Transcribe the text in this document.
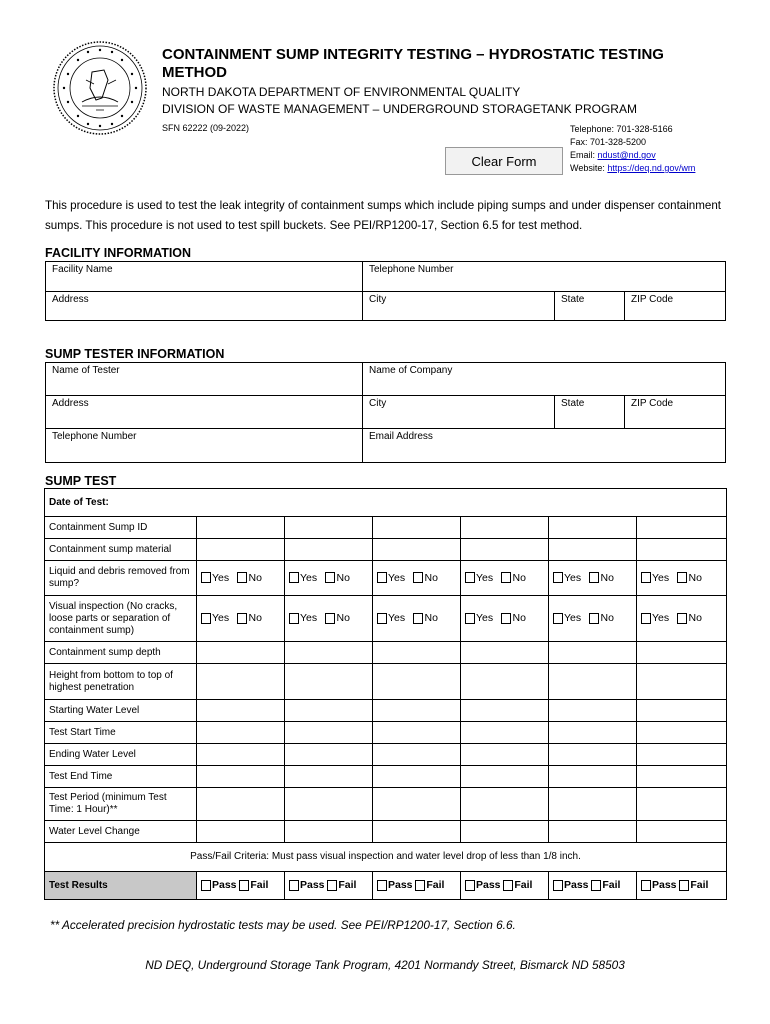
CONTAINMENT SUMP INTEGRITY TESTING – HYDROSTATIC TESTING METHOD
NORTH DAKOTA DEPARTMENT OF ENVIRONMENTAL QUALITY
DIVISION OF WASTE MANAGEMENT – UNDERGROUND STORAGETANK PROGRAM
SFN 62222 (09-2022)	Telephone: 701-328-5166
Fax: 701-328-5200
Email: ndust@nd.gov
Website: https://deq.nd.gov/wm
Clear Form
This procedure is used to test the leak integrity of containment sumps which include piping sumps and under dispenser containment sumps. This procedure is not used to test spill buckets. See PEI/RP1200-17, Section 6.5 for test method.
FACILITY INFORMATION
Facility Name	Telephone Number		
Address	City	State	ZIP Code
SUMP TESTER INFORMATION
Name of Tester	Name of Company		
Address	City	State	ZIP Code
Telephone Number	Email Address		
SUMP TEST
Date of Test:						
Containment Sump ID						
Containment sump material						
Liquid and debris removed from sump?	Yes No	Yes No	Yes No	Yes No	Yes No	Yes No
Visual inspection (No cracks, loose parts or separation of containment sump)	Yes No	Yes No	Yes No	Yes No	Yes No	Yes No
Containment sump depth						
Height from bottom to top of highest penetration						
Starting Water Level						
Test Start Time						
Ending Water Level						
Test End Time						
Test Period (minimum Test Time: 1 Hour)**						
Water Level Change						
Pass/Fail Criteria: Must pass visual inspection and water level drop of less than 1/8 inch.						
Test Results	Pass Fail	Pass Fail	Pass Fail	Pass Fail	Pass Fail	Pass Fail
** Accelerated precision hydrostatic tests may be used. See PEI/RP1200-17, Section 6.6.
ND DEQ, Underground Storage Tank Program, 4201 Normandy Street, Bismarck ND 58503
